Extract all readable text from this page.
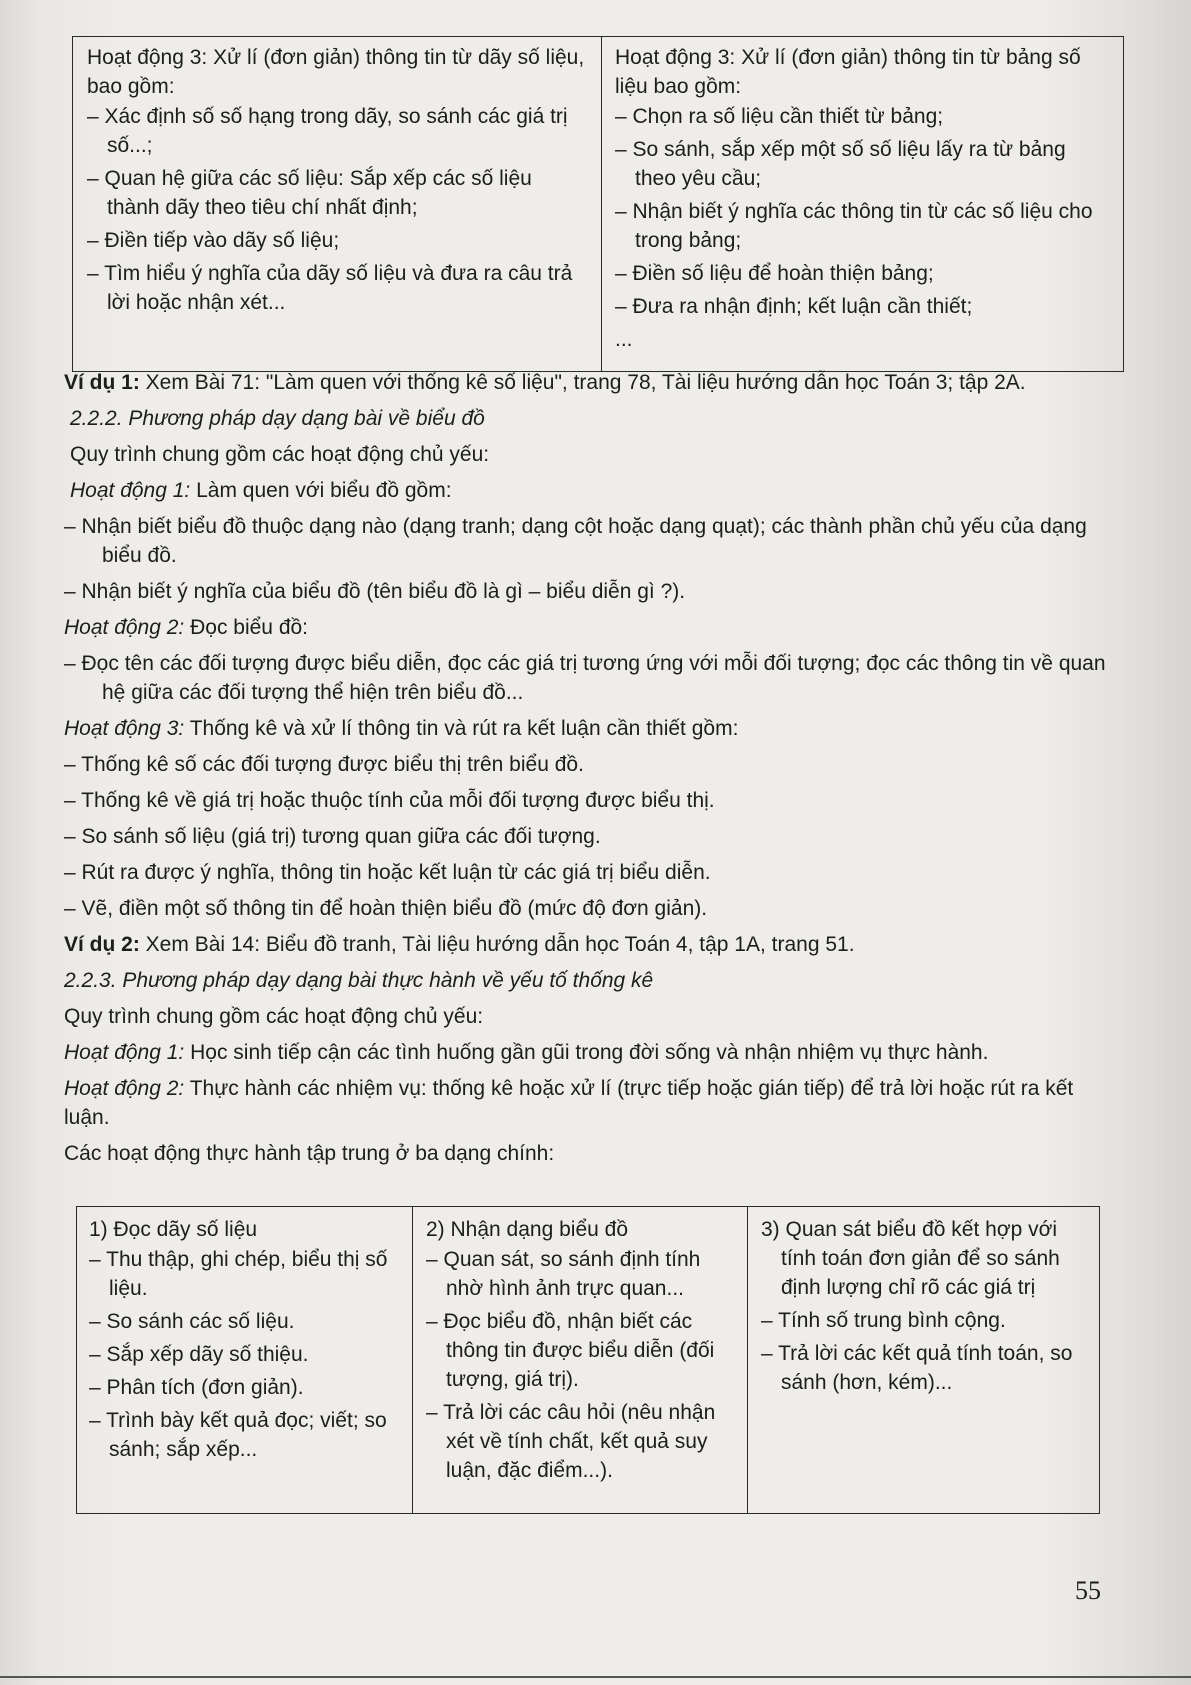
Hoạt động 3: Xử lí (đơn giản) thông tin từ dãy số liệu, bao gồm:

– Xác định số số hạng trong dãy, so sánh các giá trị số...;

– Quan hệ giữa các số liệu: Sắp xếp các số liệu thành dãy theo tiêu chí nhất định;

– Điền tiếp vào dãy số liệu;

– Tìm hiểu ý nghĩa của dãy số liệu và đưa ra câu trả lời hoặc nhận xét...

Hoạt động 3: Xử lí (đơn giản) thông tin từ bảng số liệu bao gồm:

– Chọn ra số liệu cần thiết từ bảng;

– So sánh, sắp xếp một số số liệu lấy ra từ bảng theo yêu cầu;

– Nhận biết ý nghĩa các thông tin từ các số liệu cho trong bảng;

– Điền số liệu để hoàn thiện bảng;

– Đưa ra nhận định; kết luận cần thiết;

...

Ví dụ 1: Xem Bài 71: "Làm quen với thống kê số liệu", trang 78, Tài liệu hướng dẫn học Toán 3; tập 2A.

2.2.2. Phương pháp dạy dạng bài về biểu đồ

Quy trình chung gồm các hoạt động chủ yếu:

Hoạt động 1: Làm quen với biểu đồ gồm:

– Nhận biết biểu đồ thuộc dạng nào (dạng tranh; dạng cột hoặc dạng quạt); các thành phần chủ yếu của dạng biểu đồ.

– Nhận biết ý nghĩa của biểu đồ (tên biểu đồ là gì – biểu diễn gì ?).

Hoạt động 2: Đọc biểu đồ:

– Đọc tên các đối tượng được biểu diễn, đọc các giá trị tương ứng với mỗi đối tượng; đọc các thông tin về quan hệ giữa các đối tượng thể hiện trên biểu đồ...

Hoạt động 3: Thống kê và xử lí thông tin và rút ra kết luận cần thiết gồm:

– Thống kê số các đối tượng được biểu thị trên biểu đồ.

– Thống kê về giá trị hoặc thuộc tính của mỗi đối tượng được biểu thị.

– So sánh số liệu (giá trị) tương quan giữa các đối tượng.

– Rút ra được ý nghĩa, thông tin hoặc kết luận từ các giá trị biểu diễn.

– Vẽ, điền một số thông tin để hoàn thiện biểu đồ (mức độ đơn giản).

Ví dụ 2: Xem Bài 14: Biểu đồ tranh, Tài liệu hướng dẫn học Toán 4, tập 1A, trang 51.

2.2.3. Phương pháp dạy dạng bài thực hành về yếu tố thống kê

Quy trình chung gồm các hoạt động chủ yếu:

Hoạt động 1: Học sinh tiếp cận các tình huống gần gũi trong đời sống và nhận nhiệm vụ thực hành.

Hoạt động 2: Thực hành các nhiệm vụ: thống kê hoặc xử lí (trực tiếp hoặc gián tiếp) để trả lời hoặc rút ra kết luận.

Các hoạt động thực hành tập trung ở ba dạng chính:

1) Đọc dãy số liệu

– Thu thập, ghi chép, biểu thị số liệu.

– So sánh các số liệu.

– Sắp xếp dãy số thiệu.

– Phân tích (đơn giản).

– Trình bày kết quả đọc; viết; so sánh; sắp xếp...

2) Nhận dạng biểu đồ

– Quan sát, so sánh định tính nhờ hình ảnh trực quan...

– Đọc biểu đồ, nhận biết các thông tin được biểu diễn (đối tượng, giá trị).

– Trả lời các câu hỏi (nêu nhận xét về tính chất, kết quả suy luận, đặc điểm...).

3) Quan sát biểu đồ kết hợp với tính toán đơn giản để so sánh định lượng chỉ rõ các giá trị

– Tính số trung bình cộng.

– Trả lời các kết quả tính toán, so sánh (hơn, kém)...

55
